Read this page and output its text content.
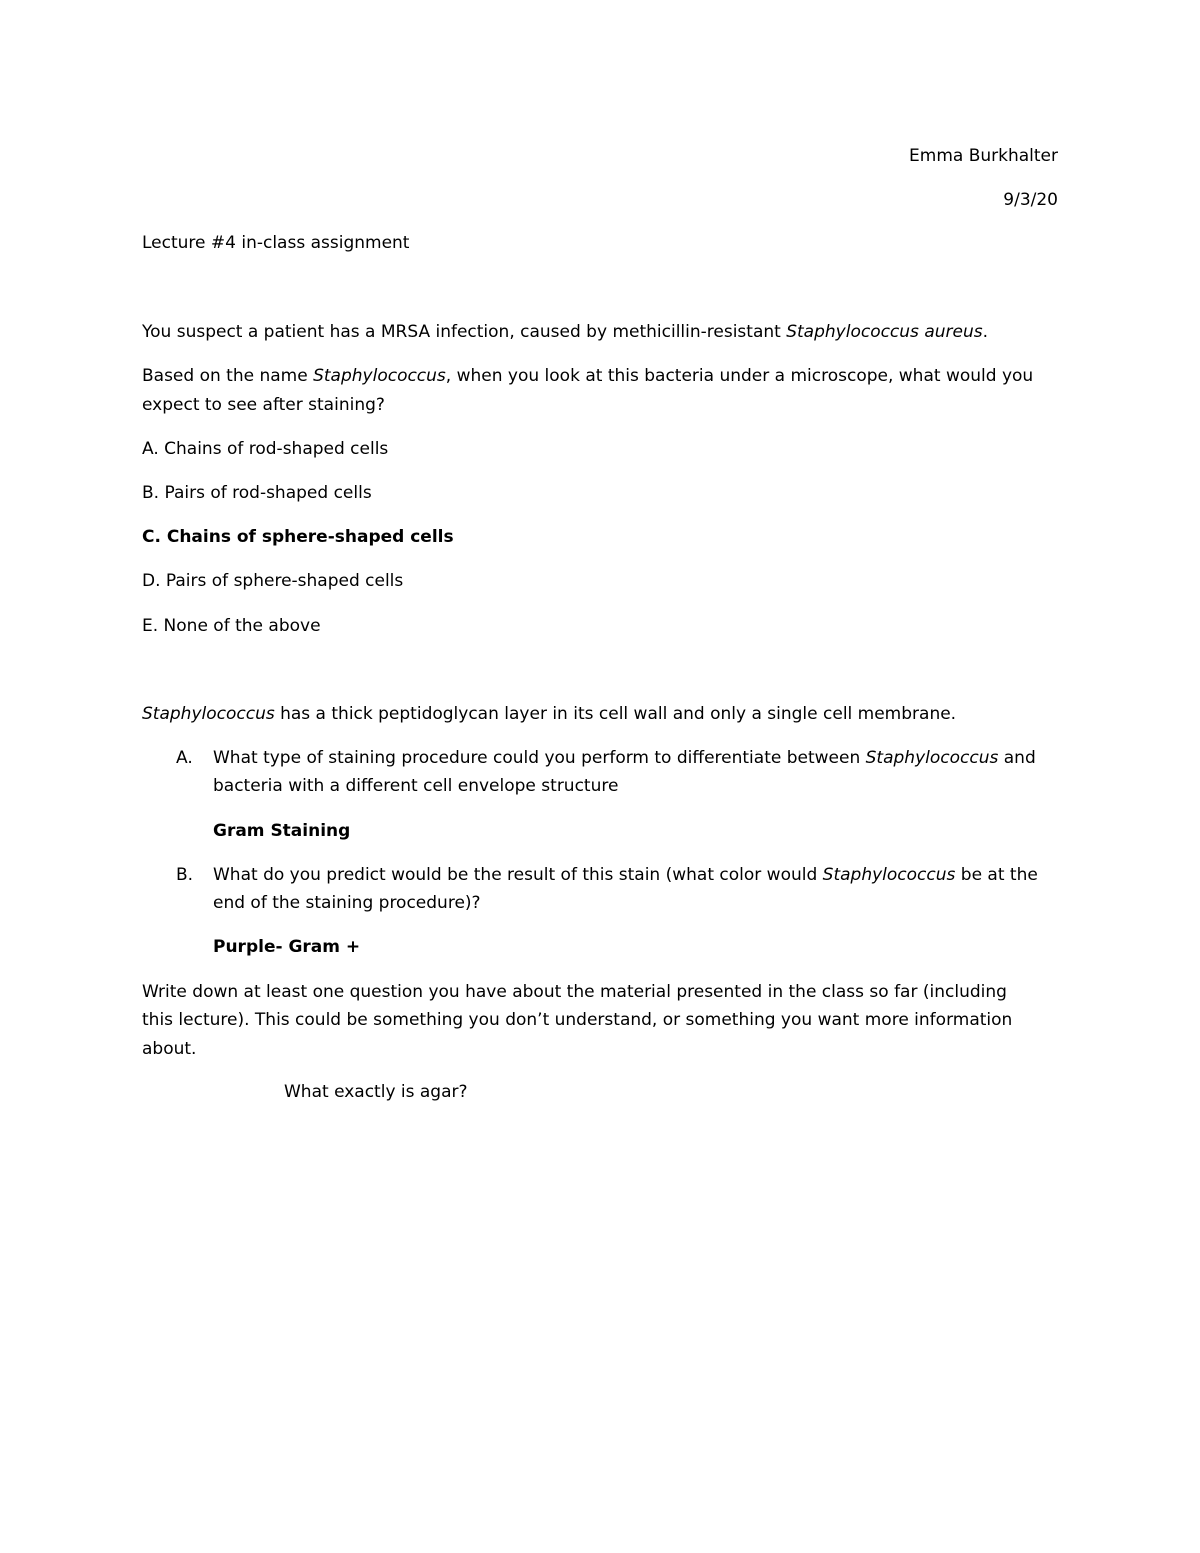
Emma Burkhalter
9/3/20
Lecture #4 in-class assignment
You suspect a patient has a MRSA infection, caused by methicillin-resistant Staphylococcus aureus.
Based on the name Staphylococcus, when you look at this bacteria under a microscope, what would you
expect to see after staining?
A. Chains of rod-shaped cells
B. Pairs of rod-shaped cells
C. Chains of sphere-shaped cells
D. Pairs of sphere-shaped cells
E. None of the above
Staphylococcus has a thick peptidoglycan layer in its cell wall and only a single cell membrane.
A. What type of staining procedure could you perform to differentiate between Staphylococcus and
bacteria with a different cell envelope structure
Gram Staining
B. What do you predict would be the result of this stain (what color would Staphylococcus be at the
end of the staining procedure)?
Purple- Gram +
Write down at least one question you have about the material presented in the class so far (including
this lecture). This could be something you don’t understand, or something you want more information
about.
What exactly is agar?
